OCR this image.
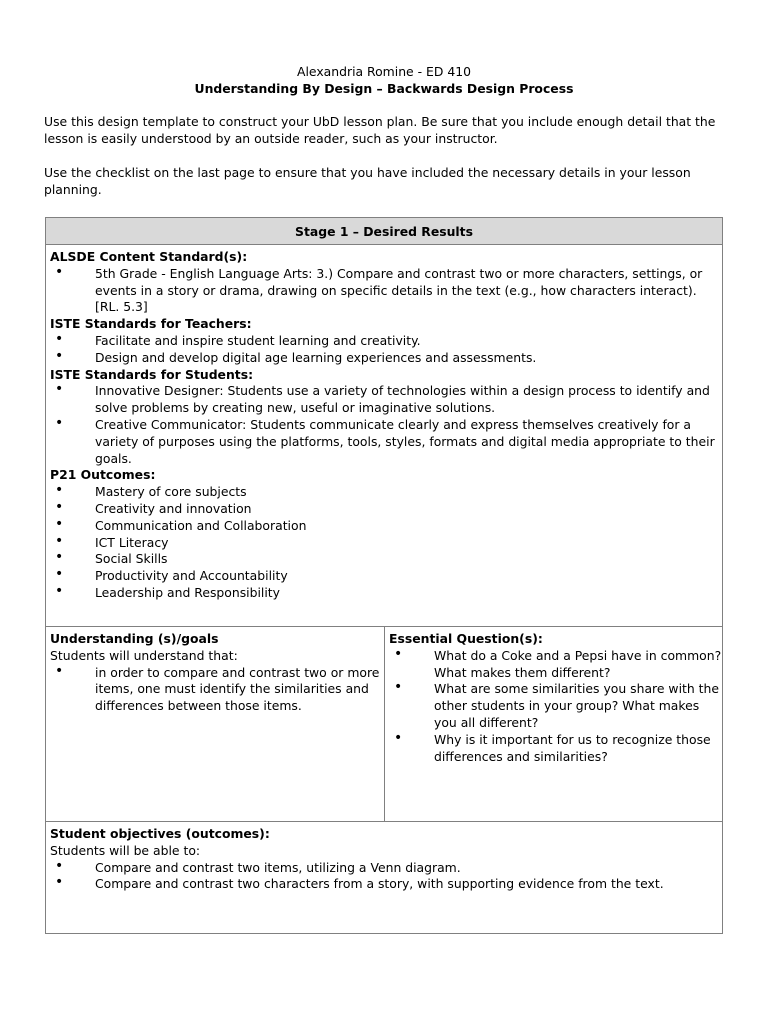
Alexandria Romine - ED 410
Understanding By Design – Backwards Design Process
Use this design template to construct your UbD lesson plan. Be sure that you include enough detail that the lesson is easily understood by an outside reader, such as your instructor.
Use the checklist on the last page to ensure that you have included the necessary details in your lesson planning.
Stage 1 – Desired Results
ALSDE Content Standard(s):
•	5th Grade - English Language Arts: 3.) Compare and contrast two or more characters, settings, or events in a story or drama, drawing on specific details in the text (e.g., how characters interact). [RL. 5.3]
ISTE Standards for Teachers:
•	Facilitate and inspire student learning and creativity.
•	Design and develop digital age learning experiences and assessments.
ISTE Standards for Students:
•	Innovative Designer: Students use a variety of technologies within a design process to identify and solve problems by creating new, useful or imaginative solutions.
•	Creative Communicator: Students communicate clearly and express themselves creatively for a variety of purposes using the platforms, tools, styles, formats and digital media appropriate to their goals.
P21 Outcomes:
•	Mastery of core subjects
•	Creativity and innovation
•	Communication and Collaboration
•	ICT Literacy
•	Social Skills
•	Productivity and Accountability
•	Leadership and Responsibility
Understanding (s)/goals
Students will understand that:
•	in order to compare and contrast two or more items, one must identify the similarities and differences between those items.
Essential Question(s):
•	What do a Coke and a Pepsi have in common? What makes them different?
•	What are some similarities you share with the other students in your group? What makes you all different?
•	Why is it important for us to recognize those differences and similarities?
Student objectives (outcomes):
Students will be able to:
•	Compare and contrast two items, utilizing a Venn diagram.
•	Compare and contrast two characters from a story, with supporting evidence from the text.
